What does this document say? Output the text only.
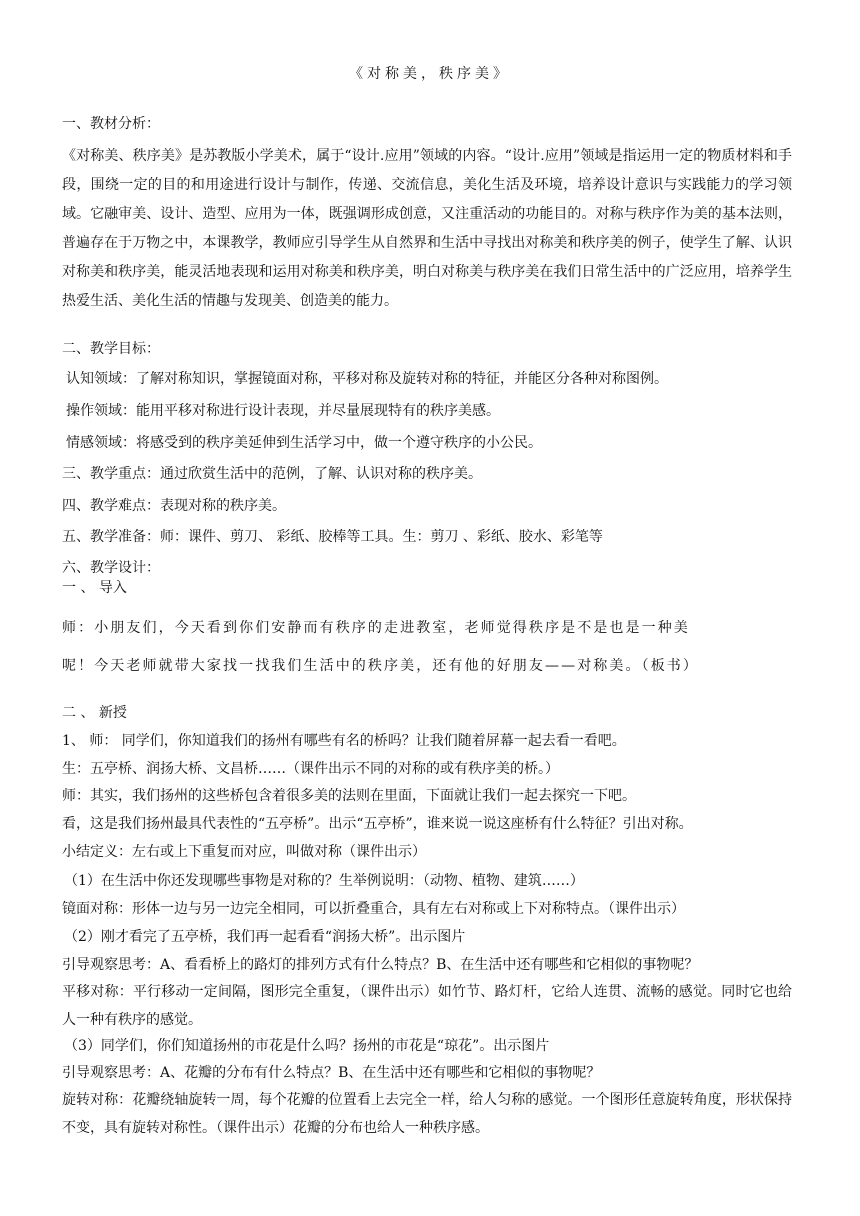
《对称美，秩序美》
一、教材分析：
《对称美、秩序美》是苏教版小学美术，属于“设计.应用”领域的内容。“设计.应用”领域是指运用一定的物质材料和手段，围绕一定的目的和用途进行设计与制作，传递、交流信息，美化生活及环境，培养设计意识与实践能力的学习领域。它融审美、设计、造型、应用为一体，既强调形成创意，又注重活动的功能目的。对称与秩序作为美的基本法则，普遍存在于万物之中，本课教学，教师应引导学生从自然界和生活中寻找出对称美和秩序美的例子，使学生了解、认识对称美和秩序美，能灵活地表现和运用对称美和秩序美，明白对称美与秩序美在我们日常生活中的广泛应用，培养学生热爱生活、美化生活的情趣与发现美、创造美的能力。
二、教学目标：
认知领域：了解对称知识，掌握镜面对称，平移对称及旋转对称的特征，并能区分各种对称图例。
操作领域：能用平移对称进行设计表现，并尽量展现特有的秩序美感。
情感领域：将感受到的秩序美延伸到生活学习中，做一个遵守秩序的小公民。
三、教学重点：通过欣赏生活中的范例，了解、认识对称的秩序美。
四、教学难点：表现对称的秩序美。
五、教学准备：师：课件、剪刀、 彩纸、胶棒等工具。生：剪刀 、彩纸、胶水、彩笔等
六、教学设计：
一 、 导入
师：小朋友们，今天看到你们安静而有秩序的走进教室，老师觉得秩序是不是也是一种美
呢！今天老师就带大家找一找我们生活中的秩序美，还有他的好朋友——对称美。（板书）
二 、 新授
1、 师： 同学们，你知道我们的扬州有哪些有名的桥吗？让我们随着屏幕一起去看一看吧。
生：五亭桥、润扬大桥、文昌桥……（课件出示不同的对称的或有秩序美的桥。）
师：其实，我们扬州的这些桥包含着很多美的法则在里面，下面就让我们一起去探究一下吧。
看，这是我们扬州最具代表性的“五亭桥”。出示“五亭桥”，谁来说一说这座桥有什么特征？引出对称。
小结定义：左右或上下重复而对应，叫做对称（课件出示）
（1）在生活中你还发现哪些事物是对称的？生举例说明：（动物、植物、建筑……）
镜面对称：形体一边与另一边完全相同，可以折叠重合，具有左右对称或上下对称特点。（课件出示）
（2）刚才看完了五亭桥，我们再一起看看“润扬大桥”。出示图片
引导观察思考：A、看看桥上的路灯的排列方式有什么特点？B、在生活中还有哪些和它相似的事物呢？
平移对称：平行移动一定间隔，图形完全重复，（课件出示）如竹节、路灯杆，它给人连贯、流畅的感觉。同时它也给人一种有秩序的感觉。
（3）同学们，你们知道扬州的市花是什么吗？扬州的市花是“琼花”。出示图片
引导观察思考：A、花瓣的分布有什么特点？B、在生活中还有哪些和它相似的事物呢？
旋转对称：花瓣绕轴旋转一周，每个花瓣的位置看上去完全一样，给人匀称的感觉。一个图形任意旋转角度，形状保持不变，具有旋转对称性。（课件出示）花瓣的分布也给人一种秩序感。
